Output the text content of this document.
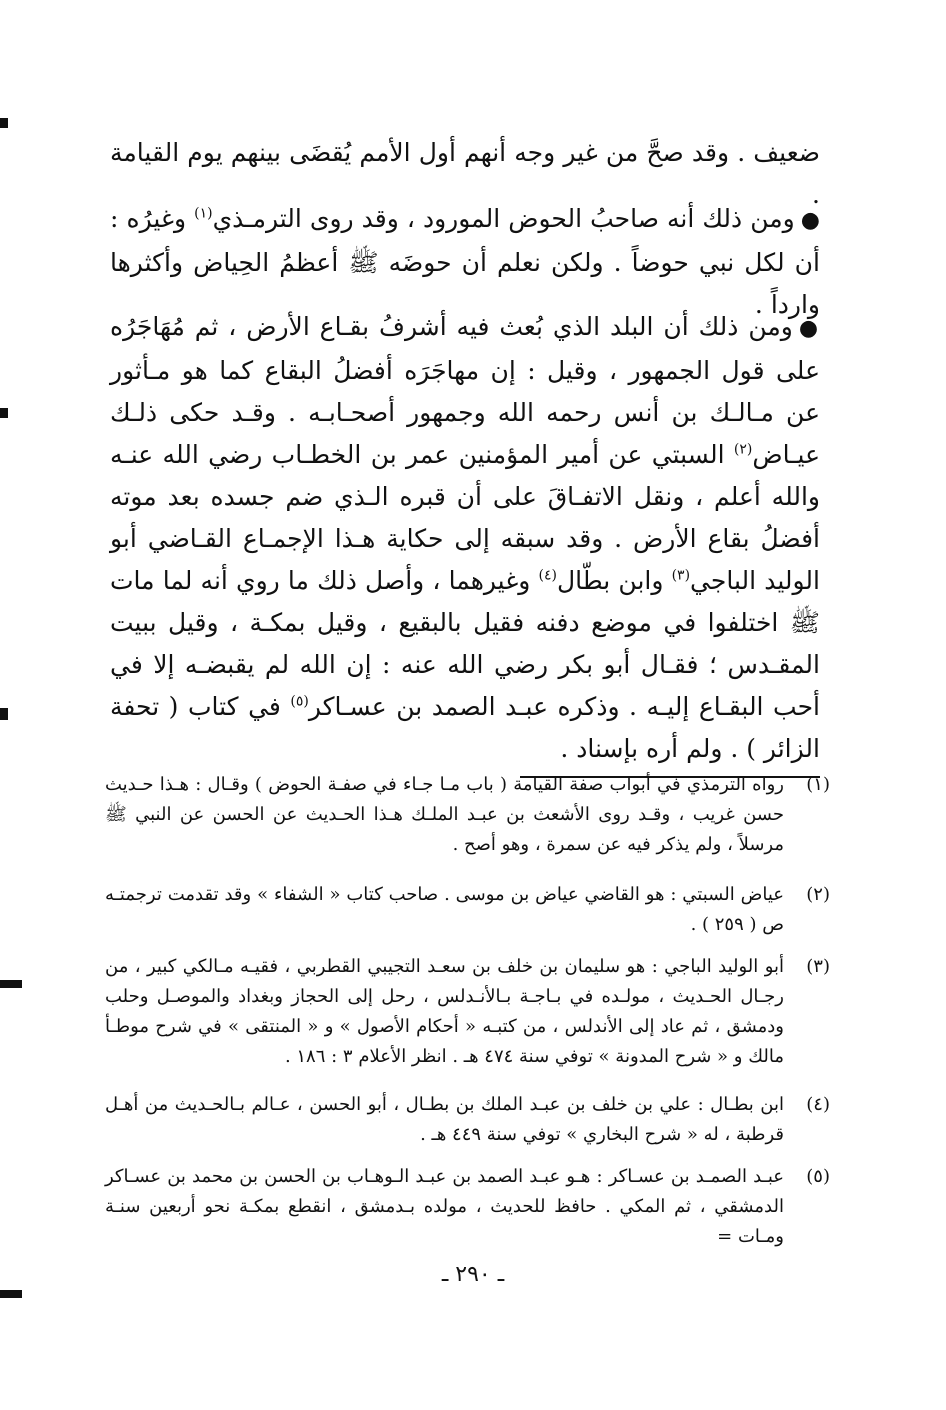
ضعيف . وقد صحَّ من غير وجه أنهم أول الأمم يُقضَى بينهم يوم القيامة .

●ومن ذلك أنه صاحبُ الحوض المورود ، وقد روى الترمـذي$^{(١)}$ وغيرُه : أن لكل نبي حوضاً . ولكن نعلم أن حوضَه ﷺ أعظمُ الحِياض وأكثرها وارداً .

●ومن ذلك أن البلد الذي بُعث فيه أشرفُ بقـاع الأرض ، ثم مُهَاجَرُه على قول الجمهور ، وقيل : إن مهاجَرَه أفضلُ البقاع كما هو مـأثور عن مـالـك بن أنس رحمه الله وجمهور أصحـابـه . وقـد حكى ذلـك عيـاض$^{(٢)}$ السبتي عن أمير المؤمنين عمر بن الخطـاب رضي الله عنـه والله أعلم ، ونقل الاتفـاقَ على أن قبره الـذي ضم جسده بعد موته أفضلُ بقاع الأرض . وقد سبقه إلى حكاية هـذا الإجمـاع القـاضي أبو الوليد الباجي$^{(٣)}$ وابن بطّال$^{(٤)}$ وغيرهما ، وأصل ذلك ما روي أنه لما مات ﷺ اختلفوا في موضع دفنه فقيل بالبقيع ، وقيل بمكـة ، وقيل ببيت المقـدس ؛ فقـال أبو بكر رضي الله عنه : إن الله لم يقبضـه إلا في أحب البقـاع إليـه . وذكره عبـد الصمد بن عسـاكر$^{(٥)}$ في كتاب ( تحفة الزائر ) . ولم أره بإسناد .

(١)
رواه الترمذي في أبواب صفة القيامة ( باب مـا جـاء في صفـة الحوض ) وقـال : هـذا حـديث حسن غريب ، وقـد روى الأشعث بن عبـد الملـك هـذا الحـديث عن الحسن عن النبي ﷺ مرسلاً ، ولم يذكر فيه عن سمرة ، وهو أصح .
(٢)
عياض السبتي : هو القاضي عياض بن موسى . صاحب كتاب « الشفاء » وقد تقدمت ترجمتـه ص ( ٢٥٩ ) .
(٣)
أبو الوليد الباجي : هو سليمان بن خلف بن سعـد التجيبي القطربي ، فقيـه مـالكي كبير ، من رجـال الحـديث ، مولـده في بـاجـة بـالأنـدلس ، رحل إلى الحجاز وبغداد والموصـل وحلب ودمشق ، ثم عاد إلى الأندلس ، من كتبـه « أحكام الأصول » و « المنتقى » في شرح موطـأ مالك و « شرح المدونة » توفي سنة ٤٧٤ هـ . انظر الأعلام ٣ : ١٨٦ .
(٤)
ابن بطـال : علي بن خلف بن عبـد الملك بن بطـال ، أبو الحسن ، عـالم بـالحـديث من أهـل قرطبة ، له « شرح البخاري » توفي سنة ٤٤٩ هـ .
(٥)
عبـد الصمـد بن عسـاكر : هـو عبـد الصمد بن عبـد الـوهـاب بن الحسن بن محمد بن عسـاكر الدمشقي ، ثم المكي . حافظ للحديث ، مولده بـدمشق ، انقطع بمكـة نحو أربعين سنـة ومـات =
ـ ٢٩٠ ـ
